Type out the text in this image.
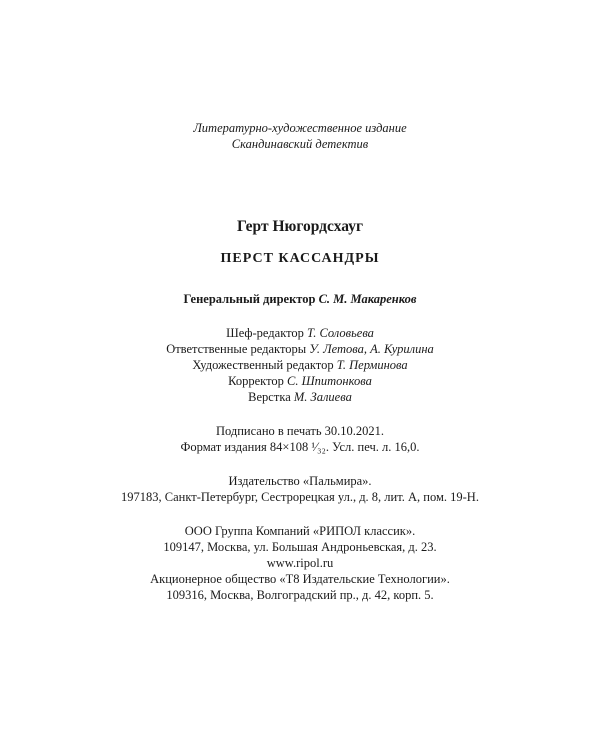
Литературно-художественное издание
Скандинавский детектив
Герт Нюгордсхауг
ПЕРСТ КАССАНДРЫ
Генеральный директор С. М. Макаренков
Шеф-редактор Т. Соловьева
Ответственные редакторы У. Летова, А. Курилина
Художественный редактор Т. Перминова
Корректор С. Шпитонкова
Верстка М. Залиева
Подписано в печать 30.10.2021.
Формат издания 84×108 ¹⁄₃₂. Усл. печ. л. 16,0.
Издательство «Пальмира».
197183, Санкт-Петербург, Сестрорецкая ул., д. 8, лит. А, пом. 19-Н.
ООО Группа Компаний «РИПОЛ классик».
109147, Москва, ул. Большая Андроньевская, д. 23.
www.ripol.ru
Акционерное общество «Т8 Издательские Технологии».
109316, Москва, Волгоградский пр., д. 42, корп. 5.
